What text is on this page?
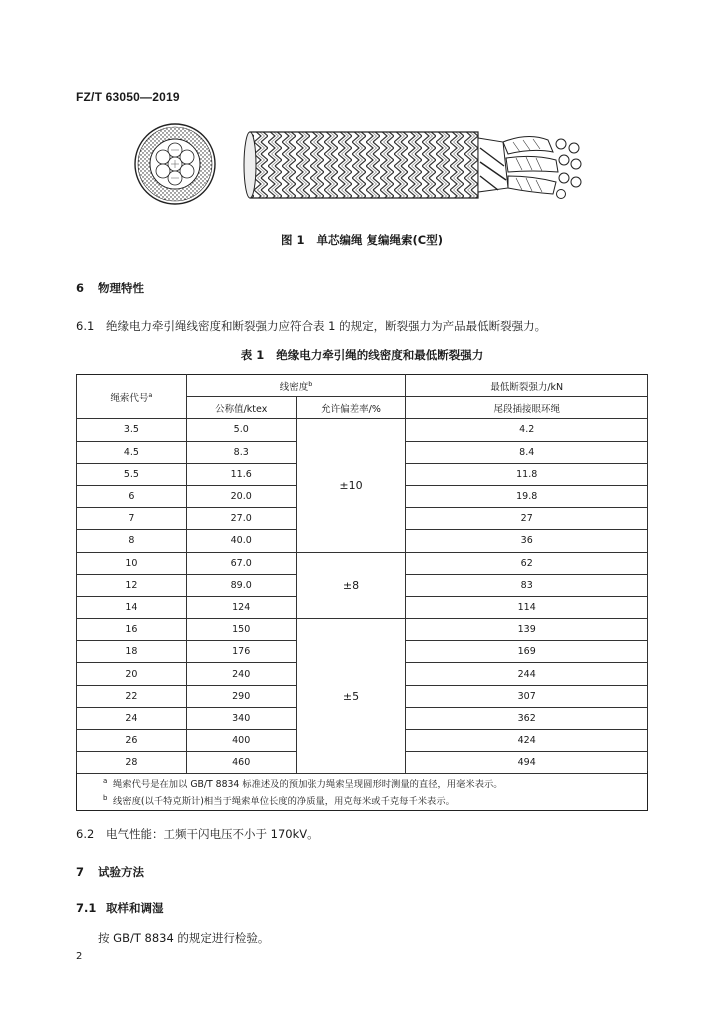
FZ/T 63050—2019
图 1 单芯编绳 复编绳索(C型)
6 物理特性
6.1 绝缘电力牵引绳线密度和断裂强力应符合表 1 的规定，断裂强力为产品最低断裂强力。
表 1 绝缘电力牵引绳的线密度和最低断裂强力
绳索代号$^a$	线密度$^b$		最低断裂强力/kN
	公称值/ktex	允许偏差率/%	尾段插接眼环绳
3.5	5.0	±10	4.2
4.5	8.3		8.4
5.5	11.6		11.8
6	20.0		19.8
7	27.0		27
8	40.0		36
10	67.0	±8	62
12	89.0		83
14	124		114
16	150	±5	139
18	176		169
20	240		244
22	290		307
24	340		362
26	400		424
28	460		494
a 绳索代号是在加以 GB/T 8834 标准述及的预加张力绳索呈现圆形时测量的直径，用毫米表示。
b 线密度(以千特克斯计)相当于绳索单位长度的净质量，用克每米或千克每千米表示。
6.2 电气性能：工频干闪电压不小于 170kV。
7 试验方法
7.1 取样和调湿
按 GB/T 8834 的规定进行检验。
2
